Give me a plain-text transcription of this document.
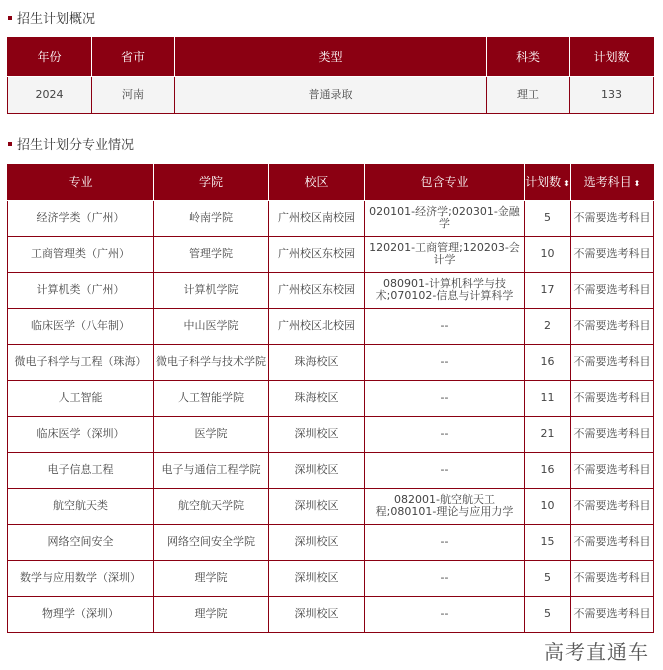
招生计划概况
年份	省市	类型	科类	计划数
2024	河南	普通录取	理工	133
招生计划分专业情况
专业	学院	校区	包含专业	计划数 ⬍	选考科目 ⬍
经济学类（广州）	岭南学院	广州校区南校园	020101-经济学;020301-金融学	5	不需要选考科目
工商管理类（广州）	管理学院	广州校区东校园	120201-工商管理;120203-会计学	10	不需要选考科目
计算机类（广州）	计算机学院	广州校区东校园	080901-计算机科学与技术;070102-信息与计算科学	17	不需要选考科目
临床医学（八年制）	中山医学院	广州校区北校园	--	2	不需要选考科目
微电子科学与工程（珠海）	微电子科学与技术学院	珠海校区	--	16	不需要选考科目
人工智能	人工智能学院	珠海校区	--	11	不需要选考科目
临床医学（深圳）	医学院	深圳校区	--	21	不需要选考科目
电子信息工程	电子与通信工程学院	深圳校区	--	16	不需要选考科目
航空航天类	航空航天学院	深圳校区	082001-航空航天工程;080101-理论与应用力学	10	不需要选考科目
网络空间安全	网络空间安全学院	深圳校区	--	15	不需要选考科目
数学与应用数学（深圳）	理学院	深圳校区	--	5	不需要选考科目
物理学（深圳）	理学院	深圳校区	--	5	不需要选考科目
高考直通车
